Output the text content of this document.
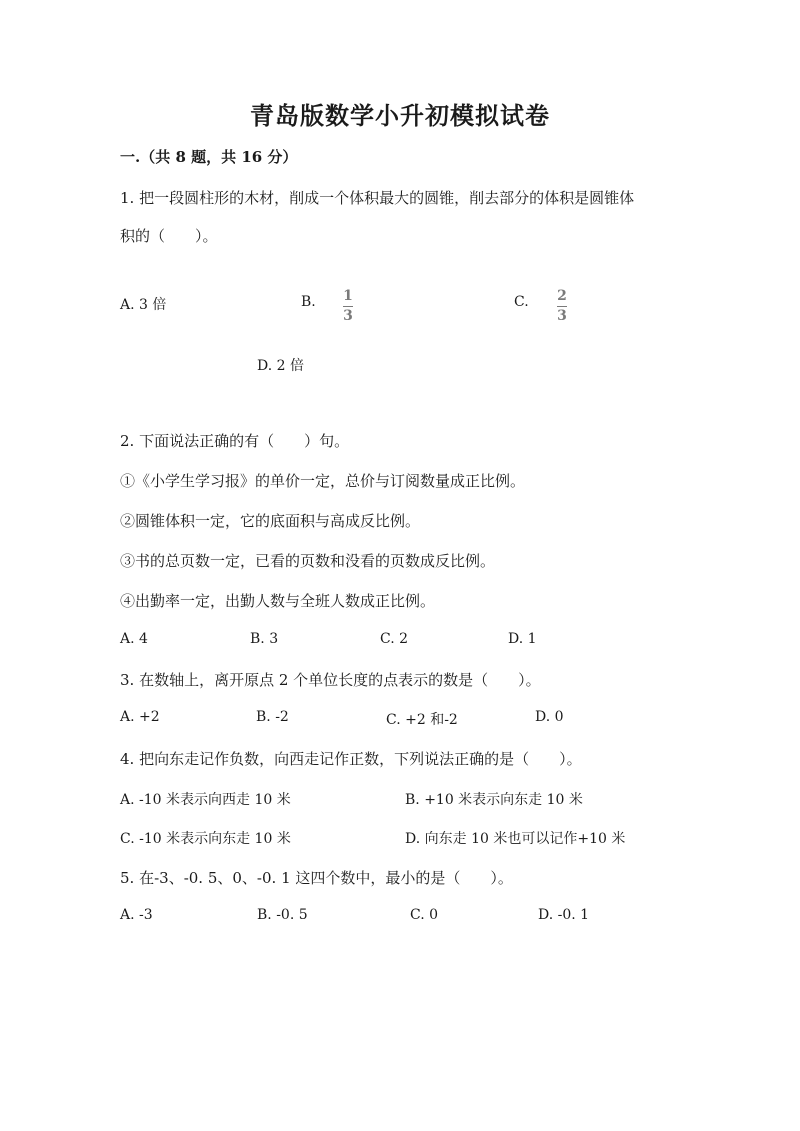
青岛版数学小升初模拟试卷
一.（共 8 题，共 16 分）
1. 把一段圆柱形的木材，削成一个体积最大的圆锥，削去部分的体积是圆锥体
积的（　　）。
A. 3 倍	B. 1
3
C. 2
3
D. 2 倍
2. 下面说法正确的有（　　）句。
①《小学生学习报》的单价一定，总价与订阅数量成正比例。
②圆锥体积一定，它的底面积与高成反比例。
③书的总页数一定，已看的页数和没看的页数成反比例。
④出勤率一定，出勤人数与全班人数成正比例。
A. 4	B. 3	C. 2	D. 1
3. 在数轴上，离开原点 2 个单位长度的点表示的数是（　　）。
A. +2	B. -2	C. +2 和-2	D. 0
4. 把向东走记作负数，向西走记作正数，下列说法正确的是（　　）。
A. -10 米表示向西走 10 米	B. +10 米表示向东走 10 米
C. -10 米表示向东走 10 米	D. 向东走 10 米也可以记作+10 米
5. 在-3、-0. 5、0、-0. 1 这四个数中，最小的是（　　）。
A. -3	B. -0. 5	C. 0	D. -0. 1
